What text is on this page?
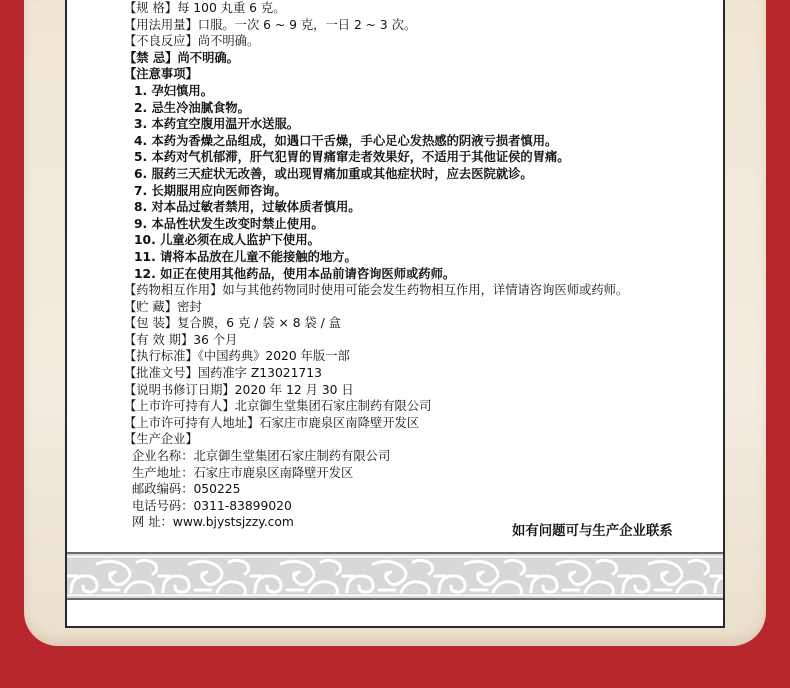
【规 格】每 100 丸重 6 克。
【用法用量】口服。一次 6 ~ 9 克，一日 2 ~ 3 次。
【不良反应】尚不明确。
【禁 忌】尚不明确。
【注意事项】
1. 孕妇慎用。
2. 忌生冷油腻食物。
3. 本药宜空腹用温开水送服。
4. 本药为香燥之品组成，如遇口干舌燥，手心足心发热感的阴液亏损者慎用。
5. 本药对气机郁滞，肝气犯胃的胃痛窜走者效果好，不适用于其他证侯的胃痛。
6. 服药三天症状无改善，或出现胃痛加重或其他症状时，应去医院就诊。
7. 长期服用应向医师咨询。
8. 对本品过敏者禁用，过敏体质者慎用。
9. 本品性状发生改变时禁止使用。
10. 儿童必须在成人监护下使用。
11. 请将本品放在儿童不能接触的地方。
12. 如正在使用其他药品，使用本品前请咨询医师或药师。
【药物相互作用】如与其他药物同时使用可能会发生药物相互作用，详情请咨询医师或药师。
【贮 藏】密封
【包 装】复合膜，6 克 / 袋 × 8 袋 / 盒
【有 效 期】36 个月
【执行标准】《中国药典》2020 年版一部
【批准文号】国药准字 Z13021713
【说明书修订日期】2020 年 12 月 30 日
【上市许可持有人】北京御生堂集团石家庄制药有限公司
【上市许可持有人地址】石家庄市鹿泉区南降壁开发区
【生产企业】
企业名称：北京御生堂集团石家庄制药有限公司
生产地址：石家庄市鹿泉区南降壁开发区
邮政编码：050225
电话号码：0311-83899020
网 址：www.bjystsjzzy.com
如有问题可与生产企业联系
